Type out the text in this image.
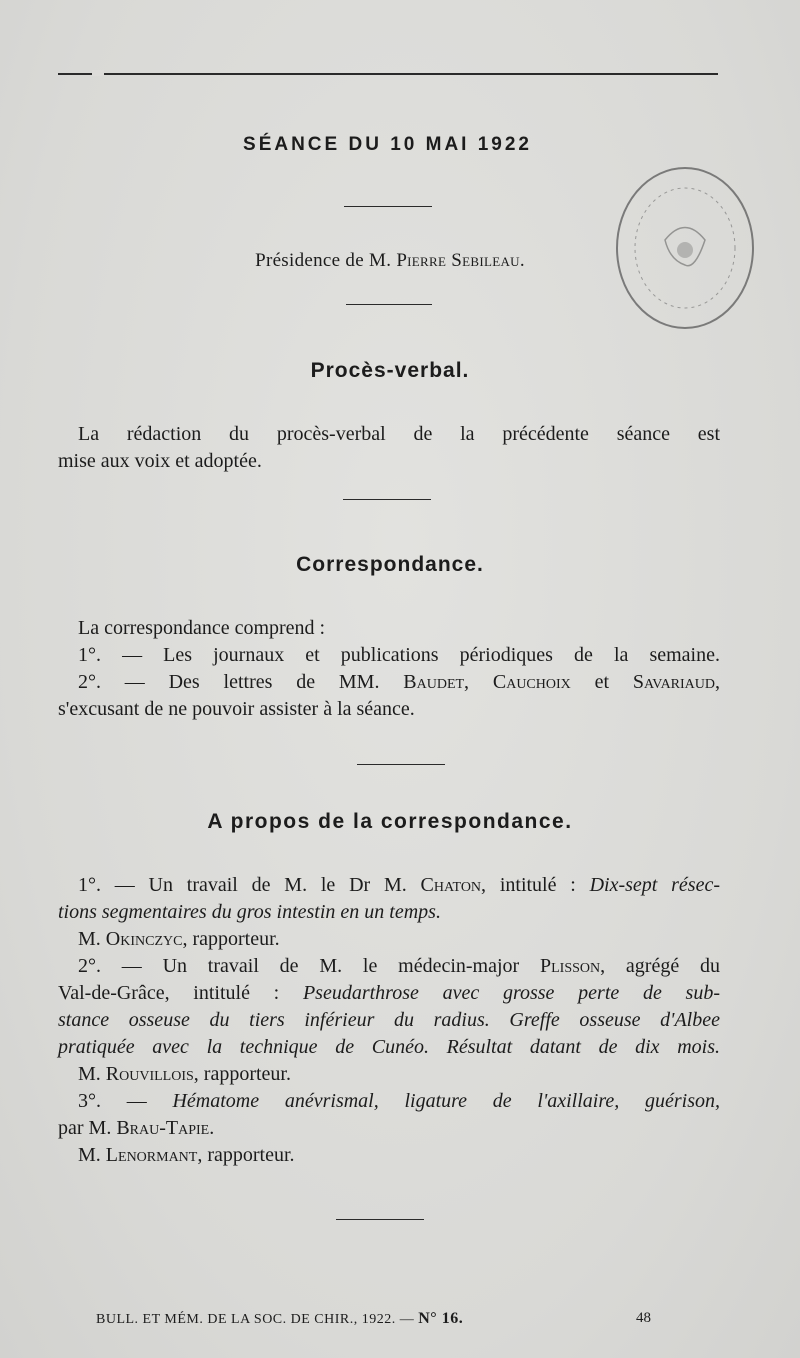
SÉANCE DU 10 MAI 1922
Présidence de M. Pierre Sebileau.
Procès-verbal.
La rédaction du procès-verbal de la précédente séance est
mise aux voix et adoptée.
Correspondance.
La correspondance comprend :
1°. — Les journaux et publications périodiques de la semaine.
2°. — Des lettres de MM. Baudet, Cauchoix et Savariaud,
s'excusant de ne pouvoir assister à la séance.
A propos de la correspondance.
1°. — Un travail de M. le Dr M. Chaton, intitulé : Dix-sept résec-
tions segmentaires du gros intestin en un temps.
M. Okinczyc, rapporteur.
2°. — Un travail de M. le médecin-major Plisson, agrégé du
Val-de-Grâce, intitulé : Pseudarthrose avec grosse perte de sub-
stance osseuse du tiers inférieur du radius. Greffe osseuse d'Albee
pratiquée avec la technique de Cunéo. Résultat datant de dix mois.
M. Rouvillois, rapporteur.
3°. — Hématome anévrismal, ligature de l'axillaire, guérison,
par M. Brau-Tapie.
M. Lenormant, rapporteur.
BULL. ET MÉM. DE LA SOC. DE CHIR., 1922. — N° 16.	48
